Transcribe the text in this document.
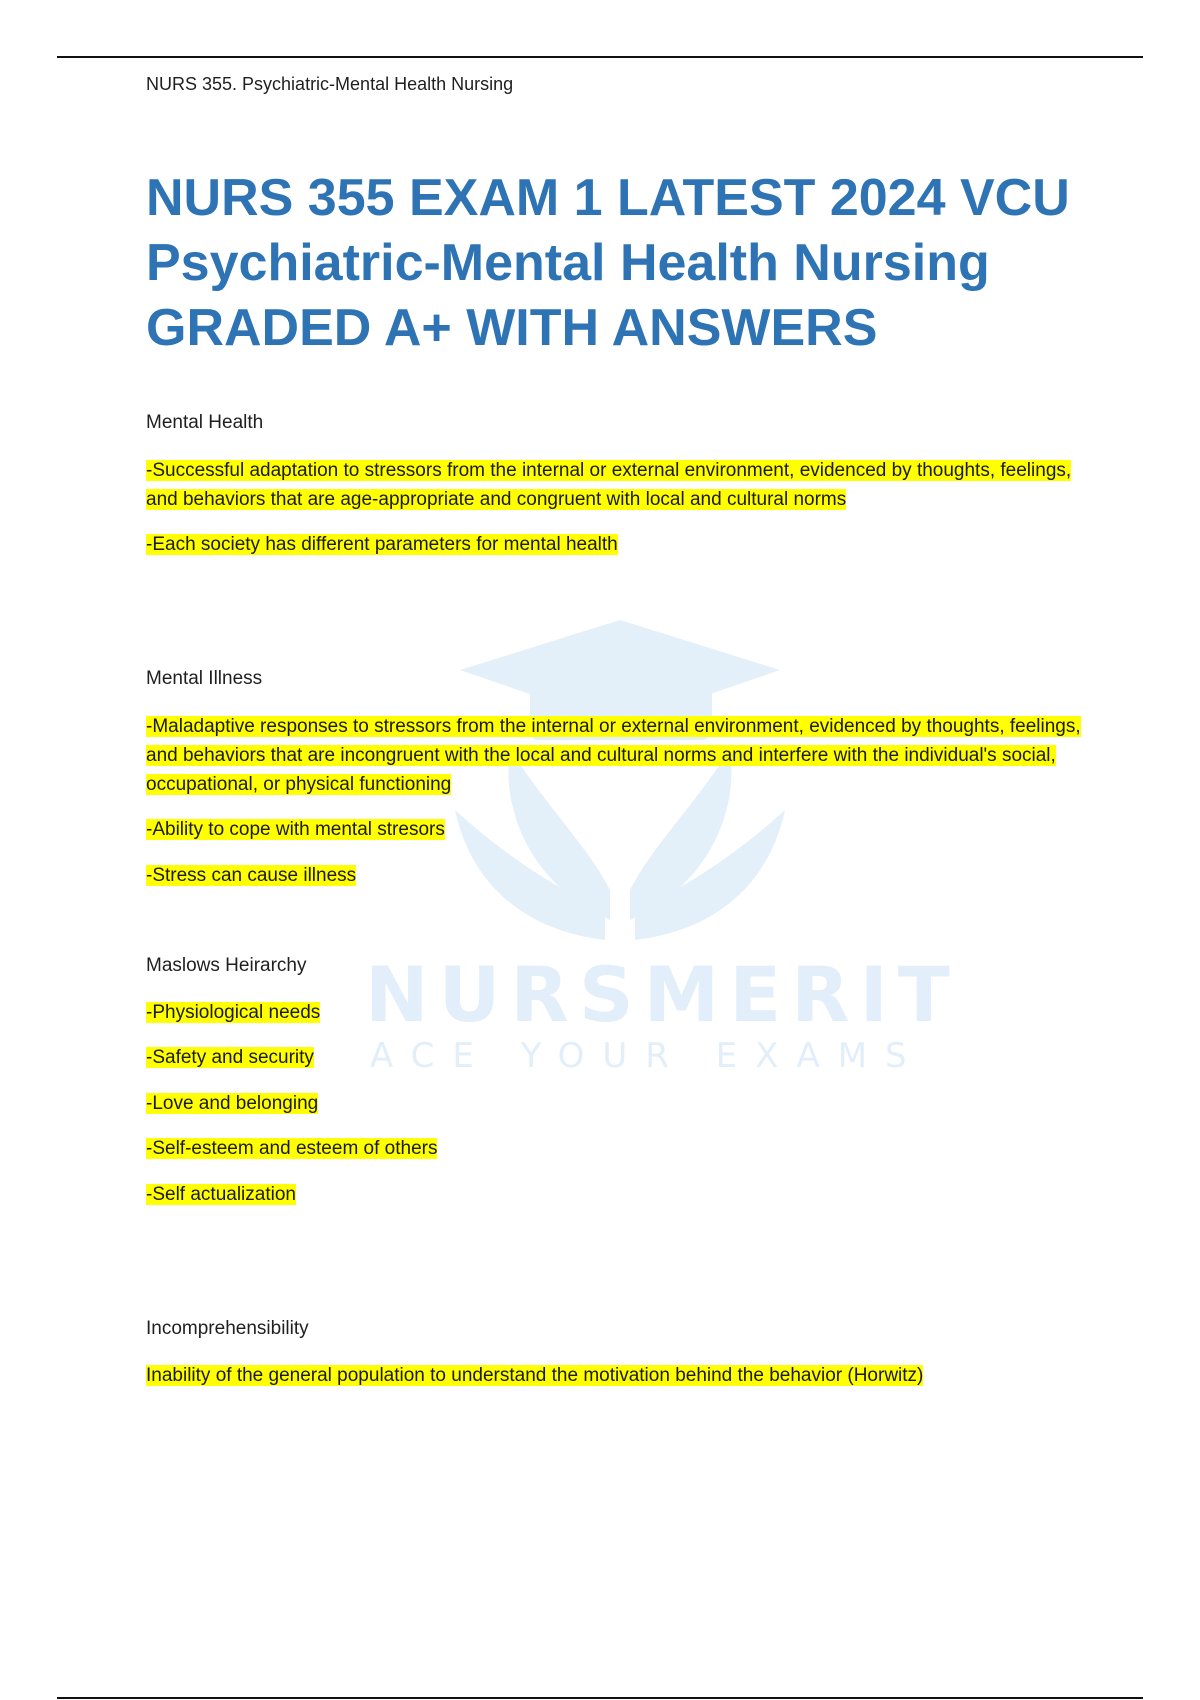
NURS 355. Psychiatric-Mental Health Nursing
NURSMERIT
ACE YOUR EXAMS
NURS 355 EXAM 1 LATEST 2024 VCU Psychiatric-Mental Health Nursing GRADED A+ WITH ANSWERS
Mental Health
-Successful adaptation to stressors from the internal or external environment, evidenced by thoughts, feelings, and behaviors that are age-appropriate and congruent with local and cultural norms
-Each society has different parameters for mental health
Mental Illness
-Maladaptive responses to stressors from the internal or external environment, evidenced by thoughts, feelings, and behaviors that are incongruent with the local and cultural norms and interfere with the individual's social, occupational, or physical functioning
-Ability to cope with mental stresors
-Stress can cause illness
Maslows Heirarchy
-Physiological needs
-Safety and security
-Love and belonging
-Self-esteem and esteem of others
-Self actualization
Incomprehensibility
Inability of the general population to understand the motivation behind the behavior (Horwitz)
